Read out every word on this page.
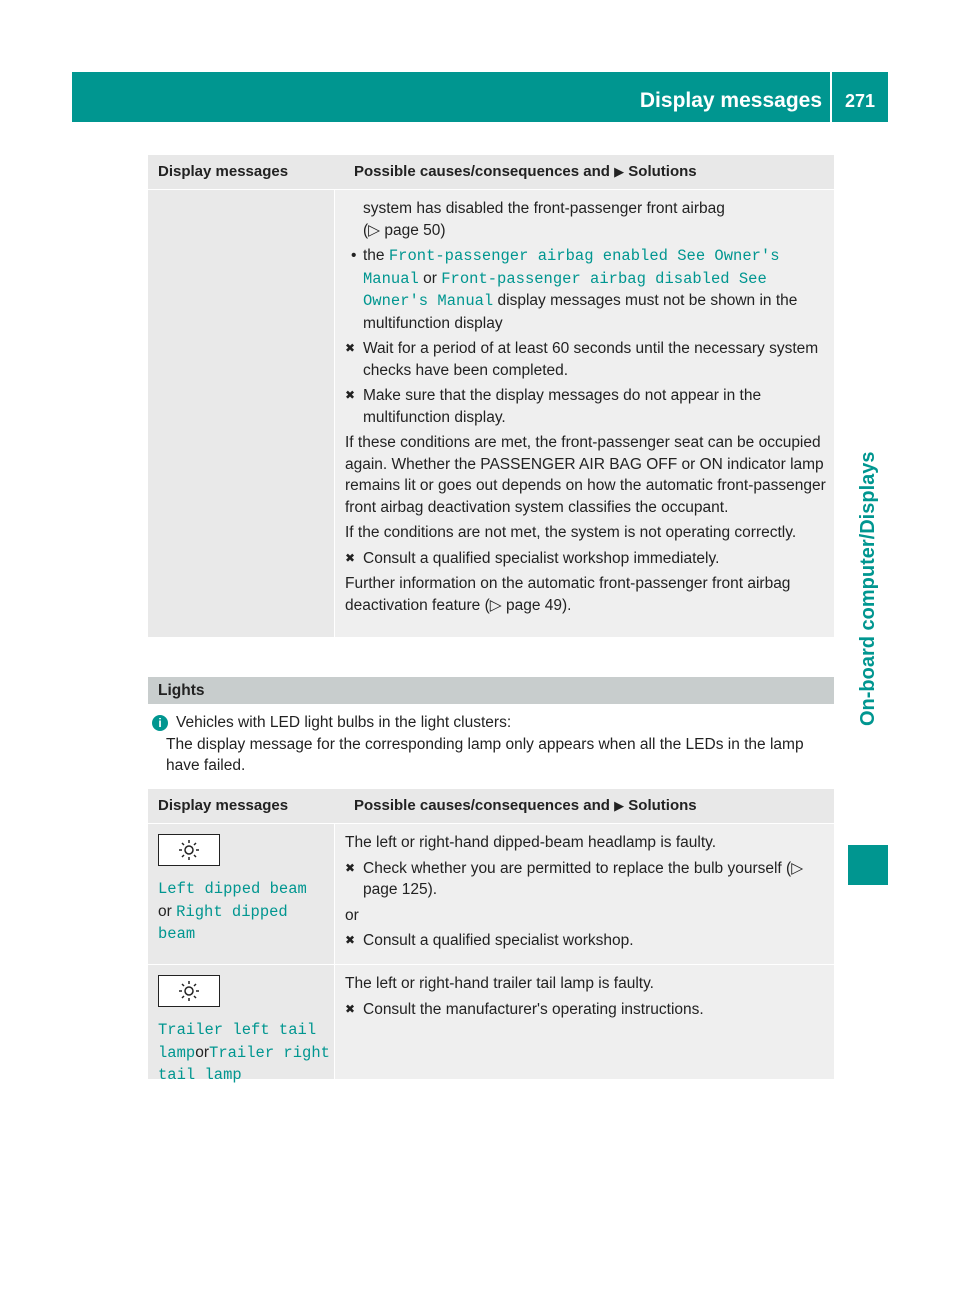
Display messages	271
On-board computer/Displays
Display messages	Possible causes/consequences and ▶ Solutions

system has disabled the front-passenger front airbag
(▷ page 50)

• the Front-passenger airbag enabled See Owner's Manual or Front-passenger airbag disabled See Owner's Manual display messages must not be shown in the multifunction display

✖ Wait for a period of at least 60 seconds until the necessary system checks have been completed.

✖ Make sure that the display messages do not appear in the multifunction display.

If these conditions are met, the front-passenger seat can be occupied again. Whether the PASSENGER AIR BAG OFF or ON indicator lamp remains lit or goes out depends on how the automatic front-passenger front airbag deactivation system classifies the occupant.

If the conditions are not met, the system is not operating correctly.

✖ Consult a qualified specialist workshop immediately.

Further information on the automatic front-passenger front airbag deactivation feature (▷ page 49).

Lights
i Vehicles with LED light bulbs in the light clusters:
The display message for the corresponding lamp only appears when all the LEDs in the lamp have failed.
Display messages	Possible causes/consequences and ▶ Solutions
Left dipped beam
or Right dipped beam

The left or right-hand dipped-beam headlamp is faulty.

✖ Check whether you are permitted to replace the bulb yourself (▷ page 125).

or

✖ Consult a qualified specialist workshop.

Trailer left tail lamporTrailer right tail lamp

The left or right-hand trailer tail lamp is faulty.

✖ Consult the manufacturer's operating instructions.
